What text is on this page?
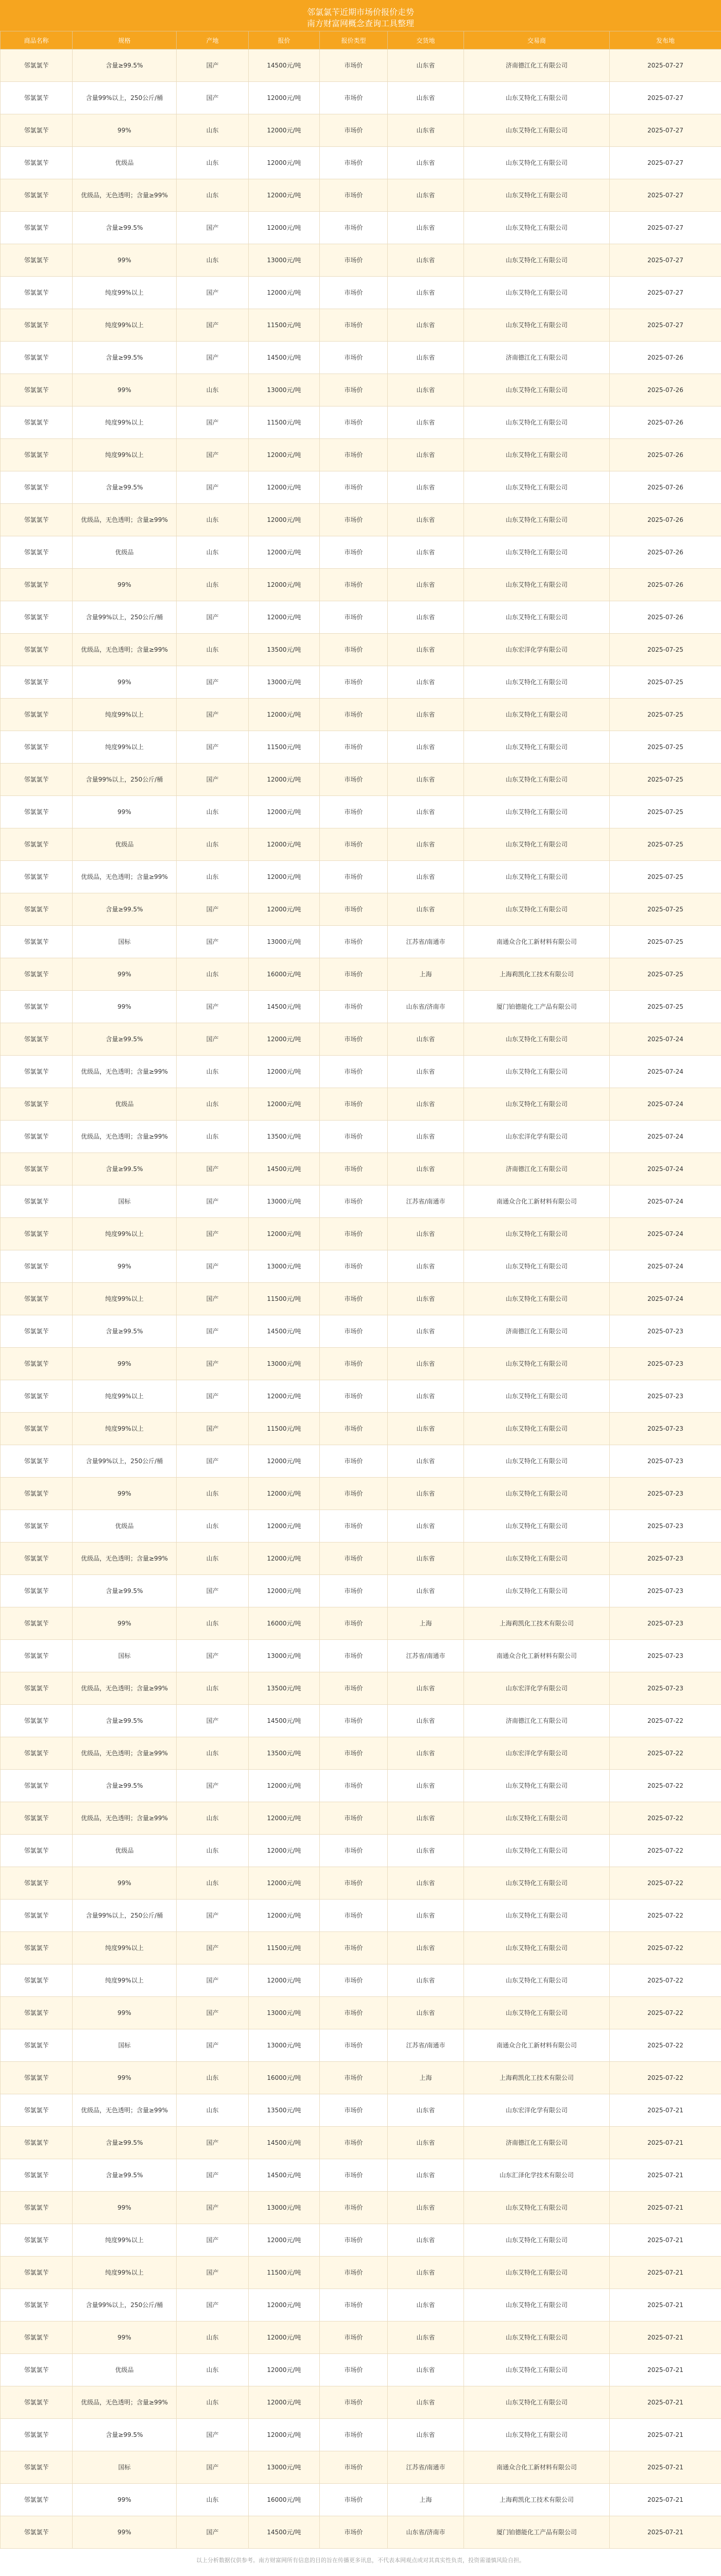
邻氯氯苄近期市场价报价走势
南方财富网概念查询工具整理
商品名称	规格	产地	报价	报价类型	交货地	交易商	发布地
邻氯氯苄	含量≥99.5%	国产	14500元/吨	市场价	山东省	济南德江化工有限公司	2025-07-27
邻氯氯苄	含量99%以上，250公斤/桶	国产	12000元/吨	市场价	山东省	山东艾特化工有限公司	2025-07-27
邻氯氯苄	99%	山东	12000元/吨	市场价	山东省	山东艾特化工有限公司	2025-07-27
邻氯氯苄	优级品	山东	12000元/吨	市场价	山东省	山东艾特化工有限公司	2025-07-27
邻氯氯苄	优级品，无色透明；含量≥99%	山东	12000元/吨	市场价	山东省	山东艾特化工有限公司	2025-07-27
邻氯氯苄	含量≥99.5%	国产	12000元/吨	市场价	山东省	山东艾特化工有限公司	2025-07-27
邻氯氯苄	99%	山东	13000元/吨	市场价	山东省	山东艾特化工有限公司	2025-07-27
邻氯氯苄	纯度99%以上	国产	12000元/吨	市场价	山东省	山东艾特化工有限公司	2025-07-27
邻氯氯苄	纯度99%以上	国产	11500元/吨	市场价	山东省	山东艾特化工有限公司	2025-07-27
邻氯氯苄	含量≥99.5%	国产	14500元/吨	市场价	山东省	济南德江化工有限公司	2025-07-26
邻氯氯苄	99%	山东	13000元/吨	市场价	山东省	山东艾特化工有限公司	2025-07-26
邻氯氯苄	纯度99%以上	国产	11500元/吨	市场价	山东省	山东艾特化工有限公司	2025-07-26
邻氯氯苄	纯度99%以上	国产	12000元/吨	市场价	山东省	山东艾特化工有限公司	2025-07-26
邻氯氯苄	含量≥99.5%	国产	12000元/吨	市场价	山东省	山东艾特化工有限公司	2025-07-26
邻氯氯苄	优级品，无色透明；含量≥99%	山东	12000元/吨	市场价	山东省	山东艾特化工有限公司	2025-07-26
邻氯氯苄	优级品	山东	12000元/吨	市场价	山东省	山东艾特化工有限公司	2025-07-26
邻氯氯苄	99%	山东	12000元/吨	市场价	山东省	山东艾特化工有限公司	2025-07-26
邻氯氯苄	含量99%以上，250公斤/桶	国产	12000元/吨	市场价	山东省	山东艾特化工有限公司	2025-07-26
邻氯氯苄	优级品，无色透明；含量≥99%	山东	13500元/吨	市场价	山东省	山东宏洋化学有限公司	2025-07-25
邻氯氯苄	99%	国产	13000元/吨	市场价	山东省	山东艾特化工有限公司	2025-07-25
邻氯氯苄	纯度99%以上	国产	12000元/吨	市场价	山东省	山东艾特化工有限公司	2025-07-25
邻氯氯苄	纯度99%以上	国产	11500元/吨	市场价	山东省	山东艾特化工有限公司	2025-07-25
邻氯氯苄	含量99%以上，250公斤/桶	国产	12000元/吨	市场价	山东省	山东艾特化工有限公司	2025-07-25
邻氯氯苄	99%	山东	12000元/吨	市场价	山东省	山东艾特化工有限公司	2025-07-25
邻氯氯苄	优级品	山东	12000元/吨	市场价	山东省	山东艾特化工有限公司	2025-07-25
邻氯氯苄	优级品，无色透明；含量≥99%	山东	12000元/吨	市场价	山东省	山东艾特化工有限公司	2025-07-25
邻氯氯苄	含量≥99.5%	国产	12000元/吨	市场价	山东省	山东艾特化工有限公司	2025-07-25
邻氯氯苄	国标	国产	13000元/吨	市场价	江苏省/南通市	南通众合化工新材料有限公司	2025-07-25
邻氯氯苄	99%	山东	16000元/吨	市场价	上海	上海莉凯化工技术有限公司	2025-07-25
邻氯氯苄	99%	国产	14500元/吨	市场价	山东省/济南市	厦门铂德能化工产品有限公司	2025-07-25
邻氯氯苄	含量≥99.5%	国产	12000元/吨	市场价	山东省	山东艾特化工有限公司	2025-07-24
邻氯氯苄	优级品，无色透明；含量≥99%	山东	12000元/吨	市场价	山东省	山东艾特化工有限公司	2025-07-24
邻氯氯苄	优级品	山东	12000元/吨	市场价	山东省	山东艾特化工有限公司	2025-07-24
邻氯氯苄	优级品，无色透明；含量≥99%	山东	13500元/吨	市场价	山东省	山东宏洋化学有限公司	2025-07-24
邻氯氯苄	含量≥99.5%	国产	14500元/吨	市场价	山东省	济南德江化工有限公司	2025-07-24
邻氯氯苄	国标	国产	13000元/吨	市场价	江苏省/南通市	南通众合化工新材料有限公司	2025-07-24
邻氯氯苄	纯度99%以上	国产	12000元/吨	市场价	山东省	山东艾特化工有限公司	2025-07-24
邻氯氯苄	99%	国产	13000元/吨	市场价	山东省	山东艾特化工有限公司	2025-07-24
邻氯氯苄	纯度99%以上	国产	11500元/吨	市场价	山东省	山东艾特化工有限公司	2025-07-24
邻氯氯苄	含量≥99.5%	国产	14500元/吨	市场价	山东省	济南德江化工有限公司	2025-07-23
邻氯氯苄	99%	国产	13000元/吨	市场价	山东省	山东艾特化工有限公司	2025-07-23
邻氯氯苄	纯度99%以上	国产	12000元/吨	市场价	山东省	山东艾特化工有限公司	2025-07-23
邻氯氯苄	纯度99%以上	国产	11500元/吨	市场价	山东省	山东艾特化工有限公司	2025-07-23
邻氯氯苄	含量99%以上，250公斤/桶	国产	12000元/吨	市场价	山东省	山东艾特化工有限公司	2025-07-23
邻氯氯苄	99%	山东	12000元/吨	市场价	山东省	山东艾特化工有限公司	2025-07-23
邻氯氯苄	优级品	山东	12000元/吨	市场价	山东省	山东艾特化工有限公司	2025-07-23
邻氯氯苄	优级品，无色透明；含量≥99%	山东	12000元/吨	市场价	山东省	山东艾特化工有限公司	2025-07-23
邻氯氯苄	含量≥99.5%	国产	12000元/吨	市场价	山东省	山东艾特化工有限公司	2025-07-23
邻氯氯苄	99%	山东	16000元/吨	市场价	上海	上海莉凯化工技术有限公司	2025-07-23
邻氯氯苄	国标	国产	13000元/吨	市场价	江苏省/南通市	南通众合化工新材料有限公司	2025-07-23
邻氯氯苄	优级品，无色透明；含量≥99%	山东	13500元/吨	市场价	山东省	山东宏洋化学有限公司	2025-07-23
邻氯氯苄	含量≥99.5%	国产	14500元/吨	市场价	山东省	济南德江化工有限公司	2025-07-22
邻氯氯苄	优级品，无色透明；含量≥99%	山东	13500元/吨	市场价	山东省	山东宏洋化学有限公司	2025-07-22
邻氯氯苄	含量≥99.5%	国产	12000元/吨	市场价	山东省	山东艾特化工有限公司	2025-07-22
邻氯氯苄	优级品，无色透明；含量≥99%	山东	12000元/吨	市场价	山东省	山东艾特化工有限公司	2025-07-22
邻氯氯苄	优级品	山东	12000元/吨	市场价	山东省	山东艾特化工有限公司	2025-07-22
邻氯氯苄	99%	山东	12000元/吨	市场价	山东省	山东艾特化工有限公司	2025-07-22
邻氯氯苄	含量99%以上，250公斤/桶	国产	12000元/吨	市场价	山东省	山东艾特化工有限公司	2025-07-22
邻氯氯苄	纯度99%以上	国产	11500元/吨	市场价	山东省	山东艾特化工有限公司	2025-07-22
邻氯氯苄	纯度99%以上	国产	12000元/吨	市场价	山东省	山东艾特化工有限公司	2025-07-22
邻氯氯苄	99%	国产	13000元/吨	市场价	山东省	山东艾特化工有限公司	2025-07-22
邻氯氯苄	国标	国产	13000元/吨	市场价	江苏省/南通市	南通众合化工新材料有限公司	2025-07-22
邻氯氯苄	99%	山东	16000元/吨	市场价	上海	上海莉凯化工技术有限公司	2025-07-22
邻氯氯苄	优级品，无色透明；含量≥99%	山东	13500元/吨	市场价	山东省	山东宏洋化学有限公司	2025-07-21
邻氯氯苄	含量≥99.5%	国产	14500元/吨	市场价	山东省	济南德江化工有限公司	2025-07-21
邻氯氯苄	含量≥99.5%	国产	14500元/吨	市场价	山东省	山东汇泽化学技术有限公司	2025-07-21
邻氯氯苄	99%	国产	13000元/吨	市场价	山东省	山东艾特化工有限公司	2025-07-21
邻氯氯苄	纯度99%以上	国产	12000元/吨	市场价	山东省	山东艾特化工有限公司	2025-07-21
邻氯氯苄	纯度99%以上	国产	11500元/吨	市场价	山东省	山东艾特化工有限公司	2025-07-21
邻氯氯苄	含量99%以上，250公斤/桶	国产	12000元/吨	市场价	山东省	山东艾特化工有限公司	2025-07-21
邻氯氯苄	99%	山东	12000元/吨	市场价	山东省	山东艾特化工有限公司	2025-07-21
邻氯氯苄	优级品	山东	12000元/吨	市场价	山东省	山东艾特化工有限公司	2025-07-21
邻氯氯苄	优级品，无色透明；含量≥99%	山东	12000元/吨	市场价	山东省	山东艾特化工有限公司	2025-07-21
邻氯氯苄	含量≥99.5%	国产	12000元/吨	市场价	山东省	山东艾特化工有限公司	2025-07-21
邻氯氯苄	国标	国产	13000元/吨	市场价	江苏省/南通市	南通众合化工新材料有限公司	2025-07-21
邻氯氯苄	99%	山东	16000元/吨	市场价	上海	上海莉凯化工技术有限公司	2025-07-21
邻氯氯苄	99%	国产	14500元/吨	市场价	山东省/济南市	厦门铂德能化工产品有限公司	2025-07-21
以上分析数据仅供参考。南方财富网所有信息的目的旨在传播更多讯息，不代表本网观点或对其真实性负责，投资需谨慎风险自担。
